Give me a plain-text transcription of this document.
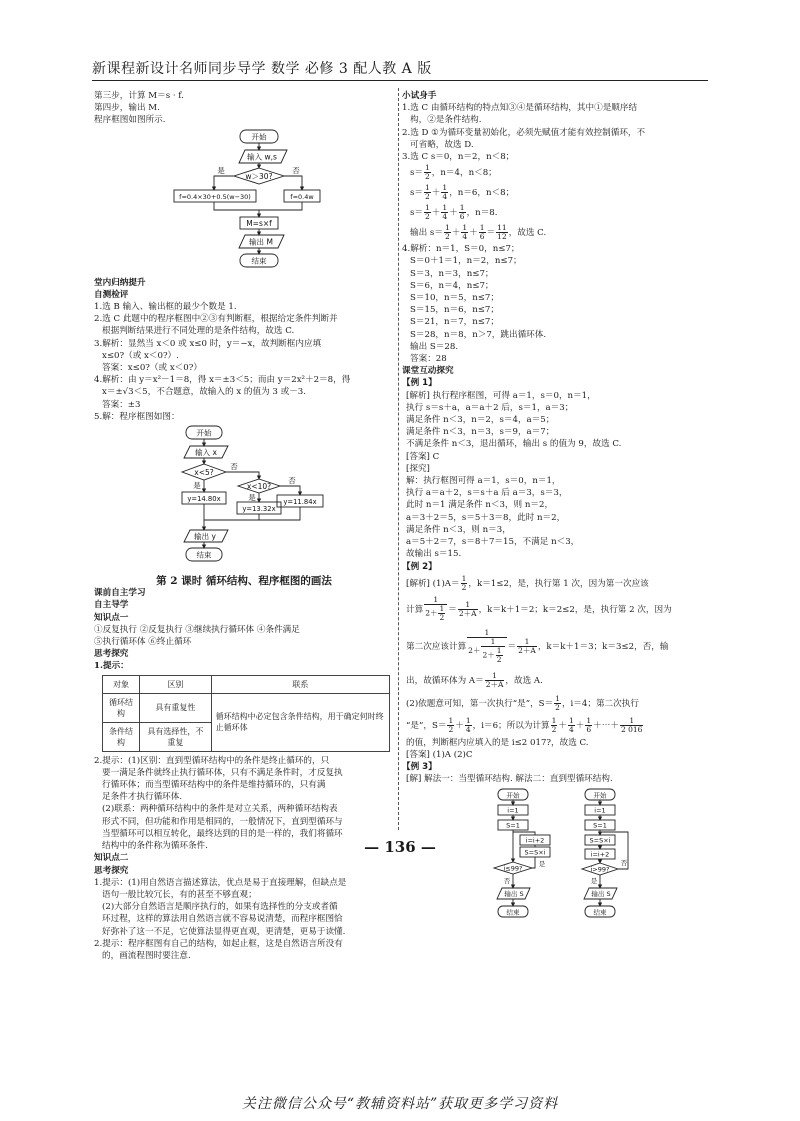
新课程新设计名师同步导学 数学 必修 3 配人教 A 版

第三步，计算 M＝s · f.

第四步，输出 M.

程序框图如图所示.

开始
输入 w,s
w＞30?
是	否
f=0.4×30+0.5(w−30)	f=0.4w
M=s×f
输出 M
结束

堂内归纳提升

自测检评

1.选 B 输入、输出框的最少个数是 1.

2.选 C 此题中的程序框图中②③有判断框，根据给定条件判断并

根据判断结果进行不同处理的是条件结构，故选 C.

3.解析：显然当 x＜0 或 x≤0 时，y＝−x，故判断框内应填

x≤0?（或 x＜0?）.

答案：x≤0?（或 x＜0?）

4.解析：由 y＝x²－1＝8，得 x＝±3＜5；而由 y＝2x²＋2＝8，得

x＝±√3＜5，不合题意，故输入的 x 的值为 3 或－3.

答案：±3

5.解：程序框图如图：

开始
输入 x
x<5?
否
是	x<10?
否
是
y=14.80x
y=13.32x
y=11.84x
输出 y
结束

第 2 课时 循环结构、程序框图的画法

课前自主学习

自主导学

知识点一

①反复执行 ②反复执行 ③继续执行循环体 ④条件满足

⑤执行循环体 ⑥终止循环

思考探究

1.提示：

对象	区别	联系
循环结构	具有重复性	循环结构中必定包含条件结构，用于确定何时终止循环体
条件结构	具有选择性，不重复	

2.提示：(1)区别：直到型循环结构中的条件是终止循环的，只

要一满足条件就终止执行循环体，只有不满足条件时，才反复执

行循环体；而当型循环结构中的条件是维持循环的，只有满

足条件才执行循环体.

(2)联系：两种循环结构中的条件是对立关系，两种循环结构表

形式不同，但功能和作用是相同的，一般情况下，直到型循环与

当型循环可以相互转化，最终达到的目的是一样的，我们将循环

结构中的条件称为循环条件.

知识点二

思考探究

1.提示：(1)用自然语言描述算法，优点是易于直接理解，但缺点是

语句一般比较冗长，有的甚至不够直观；

(2)大部分自然语言是顺序执行的，如果有选择性的分支或者循

环过程，这样的算法用自然语言就不容易说清楚，而程序框图恰

好弥补了这一不足，它使算法显得更直观，更清楚，更易于读懂.

2.提示：程序框图有自己的结构，如起止框，这是自然语言所没有

的，画流程图时要注意.

小试身手

1.选 C 由循环结构的特点知③④是循环结构，其中①是顺序结

构，②是条件结构.

2.选 D ①为循环变量初始化，必须先赋值才能有效控制循环，不

可省略，故选 D.

3.选 C s＝0，n＝2，n＜8；

$s= \frac{1}{2}$ ，n＝4，n＜8；

$s= \frac{1}{2} + \frac{1}{4}$ ，n＝6，n＜8；

$s= \frac{1}{2} + \frac{1}{4} + \frac{1}{6}$ ，n＝8.

输出 $s= \frac{1}{2} + \frac{1}{4} + \frac{1}{6} = \frac{11}{12}$ ，故选 C.

4.解析：n＝1，S＝0，n≤7；

S＝0＋1＝1，n＝2，n≤7；

S＝3，n＝3，n≤7；

S＝6，n＝4，n≤7；

S＝10，n＝5，n≤7；

S＝15，n＝6，n≤7；

S＝21，n＝7，n≤7；

S＝28，n＝8，n＞7，跳出循环体.

输出 S＝28.

答案：28

课堂互动探究

【例 1】

[解析] 执行程序框图，可得 a＝1，s＝0，n＝1，

执行 s＝s＋a，a＝a＋2 后，s＝1，a＝3；

满足条件 n＜3，n＝2，s＝4，a＝5；

满足条件 n＜3，n＝3，s＝9，a＝7；

不满足条件 n＜3，退出循环，输出 s 的值为 9，故选 C.

[答案] C

[探究]

解：执行框图可得 a＝1，s＝0，n＝1，

执行 a＝a＋2，s＝s＋a 后 a＝3，s＝3，

此时 n＝1 满足条件 n＜3，则 n＝2，

a＝3＋2＝5，s＝5＋3＝8，此时 n＝2，

满足条件 n＜3，则 n＝3，

a＝5＋2＝7，s＝8＋7＝15，不满足 n＜3，

故输出 s＝15.

【例 2】

[解析] $(1)A= \frac{1}{2}$ ，k＝1≤2，是，执行第 1 次，因为第一次应该

计算 $\frac{1}{2+ \frac{1}{2}} = \frac{1}{2+A}$ ，k＝k＋1＝2；k＝2≤2，是，执行第 2 次，因为

第二次应该计算 $\frac{1}{2+ \frac{1}{2+ \frac{1}{2}}} = \frac{1}{2+A}$ ，k＝k＋1＝3；k＝3≤2，否，输

出，故循环体为 $A= \frac{1}{2+A}$ ，故选 A.

(2)依题意可知，第一次执行“是”，$S= \frac{1}{2}$ ，i＝4；第二次执行

“是”，$S= \frac{1}{2} + \frac{1}{4}$ ，i＝6；所以为计算 $\frac{1}{2} + \frac{1}{4} + \frac{1}{6}$ ＋⋯＋ $\frac{1}{2 016}$

的值，判断框内应填入的是 i≤2 017?，故选 C.

[答案] (1)A (2)C

【例 3】

[解] 解法一：当型循环结构. 解法二：直到型循环结构.

开始
i=1
S=1
i=i+2
S=S×i
i≤99?
是
否
输出 S
结束
开始
i=1
S=1
S=S×i
i=i+2
i>99?
否
是
输出 S
结束
— 136 —
关注微信公众号“教辅资料站”获取更多学习资料
